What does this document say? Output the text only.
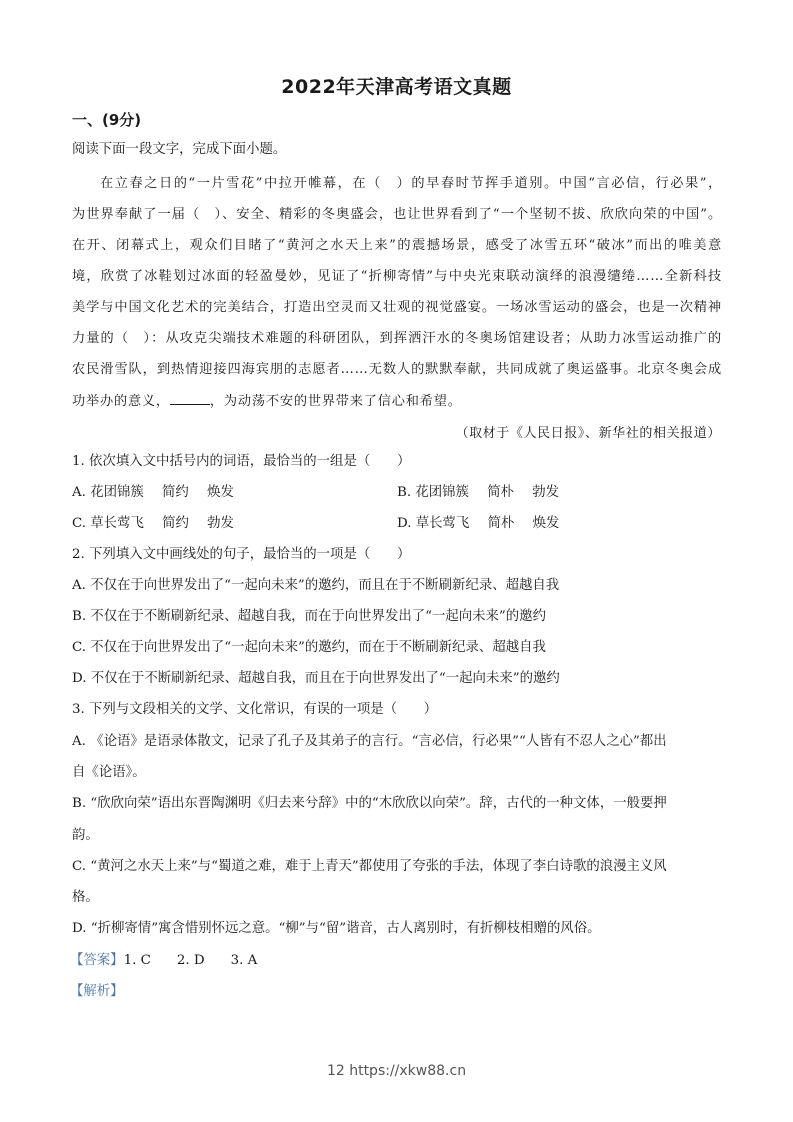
2022年天津高考语文真题
一、(9分)
阅读下面一段文字，完成下面小题。
在立春之日的“一片雪花”中拉开帷幕，在（　）的早春时节挥手道别。中国“言必信，行必果”，
为世界奉献了一届（　）、安全、精彩的冬奥盛会，也让世界看到了“一个坚韧不拔、欣欣向荣的中国”。
在开、闭幕式上，观众们目睹了“黄河之水天上来”的震撼场景，感受了冰雪五环“破冰”而出的唯美意
境，欣赏了冰鞋划过冰面的轻盈曼妙，见证了“折柳寄情”与中央光束联动演绎的浪漫缱绻……全新科技
美学与中国文化艺术的完美结合，打造出空灵而又壮观的视觉盛宴。一场冰雪运动的盛会，也是一次精神
力量的（　）：从攻克尖端技术难题的科研团队，到挥洒汗水的冬奥场馆建设者；从助力冰雪运动推广的
农民滑雪队，到热情迎接四海宾朋的志愿者……无数人的默默奉献，共同成就了奥运盛事。北京冬奥会成
功举办的意义，	，为动荡不安的世界带来了信心和希望。
（取材于《人民日报》、新华社的相关报道）
1. 依次填入文中括号内的词语，最恰当的一组是（　　）
A. 花团锦簇 简约 焕发	B. 花团锦簇 简朴 勃发
C. 草长莺飞 简约 勃发	D. 草长莺飞 简朴 焕发
2. 下列填入文中画线处的句子，最恰当的一项是（　　）
A. 不仅在于向世界发出了“一起向未来”的邀约，而且在于不断刷新纪录、超越自我
B. 不仅在于不断刷新纪录、超越自我，而在于向世界发出了“一起向未来”的邀约
C. 不仅在于向世界发出了“一起向未来”的邀约，而在于不断刷新纪录、超越自我
D. 不仅在于不断刷新纪录、超越自我，而且在于向世界发出了“一起向未来”的邀约
3. 下列与文段相关的文学、文化常识，有误的一项是（　　）
A. 《论语》是语录体散文，记录了孔子及其弟子的言行。“言必信，行必果”“人皆有不忍人之心”都出
自《论语》。
B. “欣欣向荣”语出东晋陶渊明《归去来兮辞》中的“木欣欣以向荣”。辞，古代的一种文体，一般要押
韵。
C. “黄河之水天上来”与“蜀道之难，难于上青天”都使用了夸张的手法，体现了李白诗歌的浪漫主义风
格。
D. “折柳寄情”寓含惜别怀远之意。“柳”与“留”谐音，古人离别时，有折柳枝相赠的风俗。
【答案】1. C 2. D 3. A
【解析】
12 https://xkw88.cn
